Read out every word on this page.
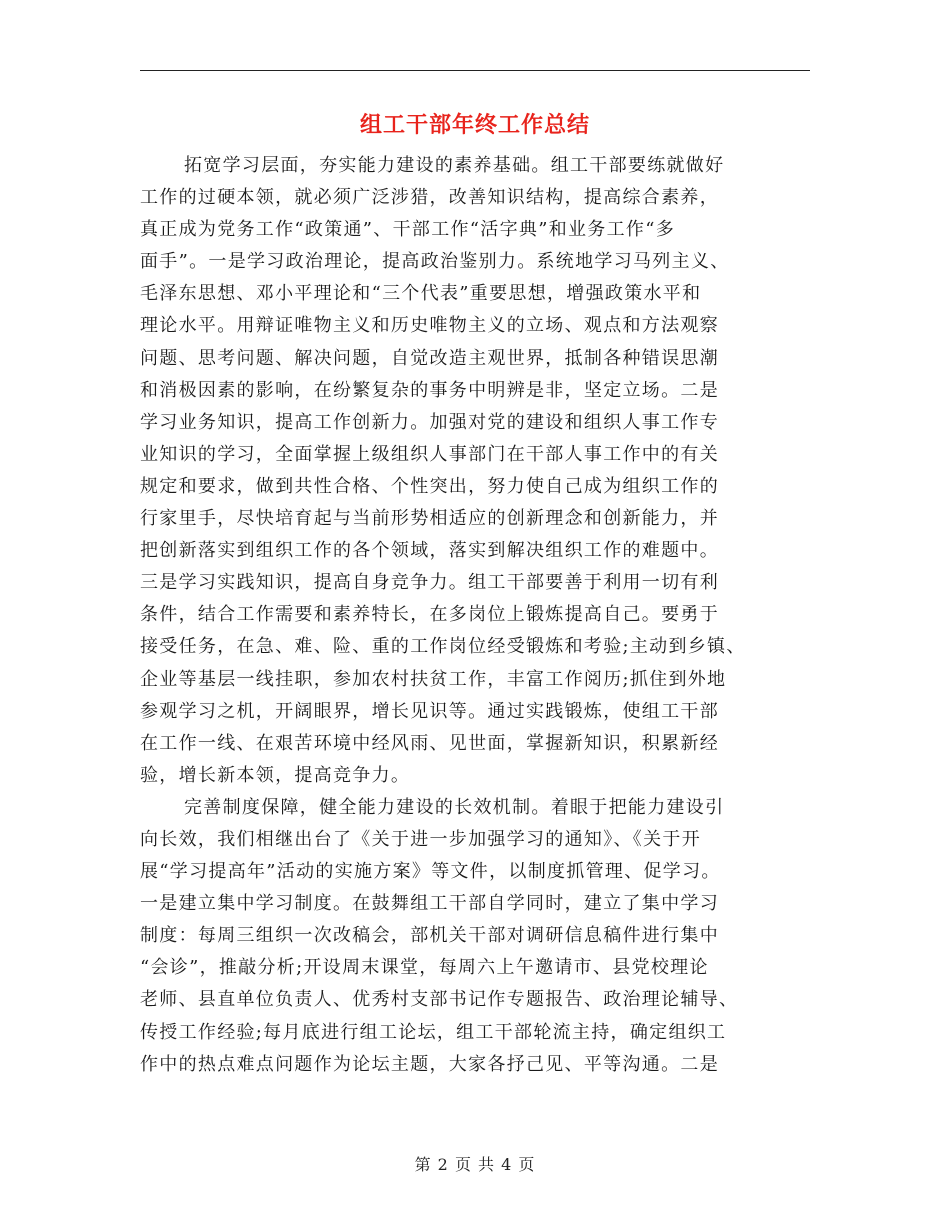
组工干部年终工作总结
拓宽学习层面，夯实能力建设的素养基础。组工干部要练就做好
工作的过硬本领，就必须广泛涉猎，改善知识结构，提高综合素养，
真正成为党务工作“政策通”、干部工作“活字典”和业务工作“多
面手”。一是学习政治理论，提高政治鉴别力。系统地学习马列主义、
毛泽东思想、邓小平理论和“三个代表”重要思想，增强政策水平和
理论水平。用辩证唯物主义和历史唯物主义的立场、观点和方法观察
问题、思考问题、解决问题，自觉改造主观世界，抵制各种错误思潮
和消极因素的影响，在纷繁复杂的事务中明辨是非，坚定立场。二是
学习业务知识，提高工作创新力。加强对党的建设和组织人事工作专
业知识的学习，全面掌握上级组织人事部门在干部人事工作中的有关
规定和要求，做到共性合格、个性突出，努力使自己成为组织工作的
行家里手，尽快培育起与当前形势相适应的创新理念和创新能力，并
把创新落实到组织工作的各个领域，落实到解决组织工作的难题中。
三是学习实践知识，提高自身竞争力。组工干部要善于利用一切有利
条件，结合工作需要和素养特长，在多岗位上锻炼提高自己。要勇于
接受任务，在急、难、险、重的工作岗位经受锻炼和考验;主动到乡镇、
企业等基层一线挂职，参加农村扶贫工作，丰富工作阅历;抓住到外地
参观学习之机，开阔眼界，增长见识等。通过实践锻炼，使组工干部
在工作一线、在艰苦环境中经风雨、见世面，掌握新知识，积累新经
验，增长新本领，提高竞争力。
完善制度保障，健全能力建设的长效机制。着眼于把能力建设引
向长效，我们相继出台了《关于进一步加强学习的通知》、《关于开
展“学习提高年”活动的实施方案》等文件，以制度抓管理、促学习。
一是建立集中学习制度。在鼓舞组工干部自学同时，建立了集中学习
制度：每周三组织一次改稿会，部机关干部对调研信息稿件进行集中
“会诊”，推敲分析;开设周末课堂，每周六上午邀请市、县党校理论
老师、县直单位负责人、优秀村支部书记作专题报告、政治理论辅导、
传授工作经验;每月底进行组工论坛，组工干部轮流主持，确定组织工
作中的热点难点问题作为论坛主题，大家各抒己见、平等沟通。二是
第 2 页 共 4 页
